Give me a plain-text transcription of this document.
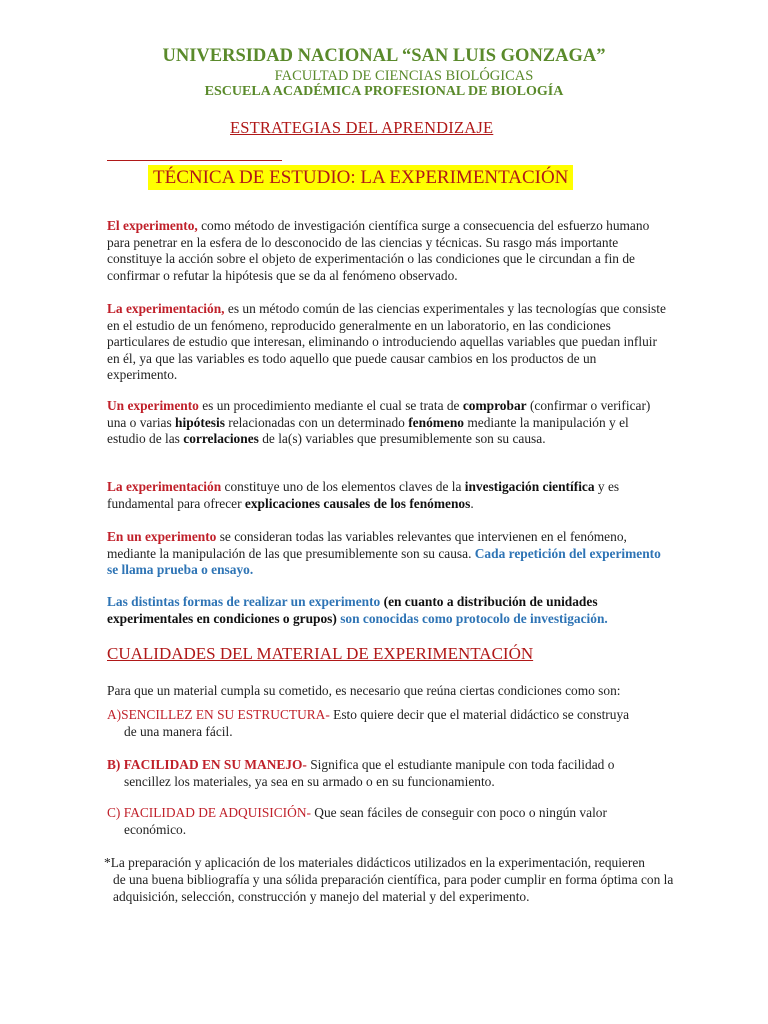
UNIVERSIDAD NACIONAL “SAN LUIS GONZAGA”
FACULTAD DE CIENCIAS BIOLÓGICAS
ESCUELA ACADÉMICA PROFESIONAL DE BIOLOGÍA
ESTRATEGIAS DEL APRENDIZAJE
TÉCNICA DE ESTUDIO: LA EXPERIMENTACIÓN
El experimento, como método de investigación científica surge a consecuencia del esfuerzo humano para penetrar en la esfera de lo desconocido de las ciencias y técnicas. Su rasgo más importante constituye la acción sobre el objeto de experimentación o las condiciones que le circundan a fin de confirmar o refutar la hipótesis que se da al fenómeno observado.
La experimentación, es un método común de las ciencias experimentales y las tecnologías que consiste en el estudio de un fenómeno, reproducido generalmente en un laboratorio, en las condiciones particulares de estudio que interesan, eliminando o introduciendo aquellas variables que puedan influir en él, ya que las variables es todo aquello que puede causar cambios en los productos de un experimento.
Un experimento es un procedimiento mediante el cual se trata de comprobar (confirmar o verificar) una o varias hipótesis relacionadas con un determinado fenómeno mediante la manipulación y el estudio de las correlaciones de la(s) variables que presumiblemente son su causa.
La experimentación constituye uno de los elementos claves de la investigación científica y es fundamental para ofrecer explicaciones causales de los fenómenos.
En un experimento se consideran todas las variables relevantes que intervienen en el fenómeno, mediante la manipulación de las que presumiblemente son su causa. Cada repetición del experimento se llama prueba o ensayo.
Las distintas formas de realizar un experimento (en cuanto a distribución de unidades experimentales en condiciones o grupos) son conocidas como protocolo de investigación.
CUALIDADES DEL MATERIAL DE EXPERIMENTACIÓN
Para que un material cumpla su cometido, es necesario que reúna ciertas condiciones como son:
A)SENCILLEZ EN SU ESTRUCTURA- Esto quiere decir que el material didáctico se construya
de una manera fácil.
B) FACILIDAD EN SU MANEJO- Significa que el estudiante manipule con toda facilidad o
sencillez los materiales, ya sea en su armado o en su funcionamiento.
C) FACILIDAD DE ADQUISICIÓN- Que sean fáciles de conseguir con poco o ningún valor
económico.
*La preparación y aplicación de los materiales didácticos utilizados en la experimentación, requieren
de una buena bibliografía y una sólida preparación científica, para poder cumplir en forma óptima con la adquisición, selección, construcción y manejo del material y del experimento.
